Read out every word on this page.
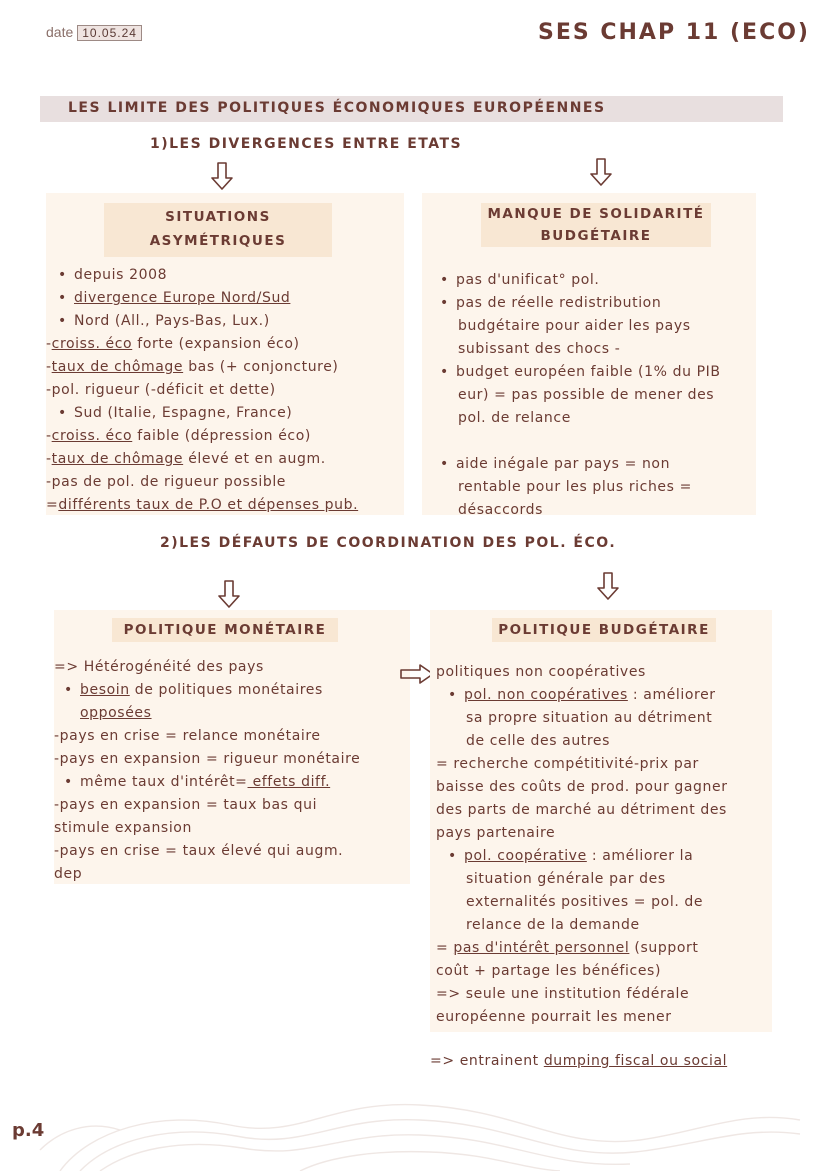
date 10.05.24	SES CHAP 11 (ECO)
LES LIMITE DES POLITIQUES ÉCONOMIQUES EUROPÉENNES
1)LES DIVERGENCES ENTRE ETATS
SITUATIONS
ASYMÉTRIQUES
• depuis 2008
• divergence Europe Nord/Sud
• Nord (All., Pays-Bas, Lux.)
-croiss. éco forte (expansion éco)
-taux de chômage bas (+ conjoncture)
-pol. rigueur (-déficit et dette)
• Sud (Italie, Espagne, France)
-croiss. éco faible (dépression éco)
-taux de chômage élevé et en augm.
-pas de pol. de rigueur possible
=différents taux de P.O et dépenses pub.
MANQUE DE SOLIDARITÉ
BUDGÉTAIRE
• pas d'unificat° pol.
• pas de réelle redistribution
budgétaire pour aider les pays
subissant des chocs -
• budget européen faible (1% du PIB
eur) = pas possible de mener des
pol. de relance
• aide inégale par pays = non
rentable pour les plus riches =
désaccords
2)LES DÉFAUTS DE COORDINATION DES POL. ÉCO.
POLITIQUE MONÉTAIRE
=> Hétérogénéité des pays
• besoin de politiques monétaires
opposées
-pays en crise = relance monétaire
-pays en expansion = rigueur monétaire
• même taux d'intérêt= effets diff.
-pays en expansion = taux bas qui
stimule expansion
-pays en crise = taux élevé qui augm.
dep
POLITIQUE BUDGÉTAIRE
politiques non coopératives
• pol. non coopératives : améliorer
sa propre situation au détriment
de celle des autres
= recherche compétitivité-prix par
baisse des coûts de prod. pour gagner
des parts de marché au détriment des
pays partenaire
• pol. coopérative : améliorer la
situation générale par des
externalités positives = pol. de
relance de la demande
= pas d'intérêt personnel (support
coût + partage les bénéfices)
=> seule une institution fédérale
européenne pourrait les mener
=> entrainent dumping fiscal ou social
p.4
